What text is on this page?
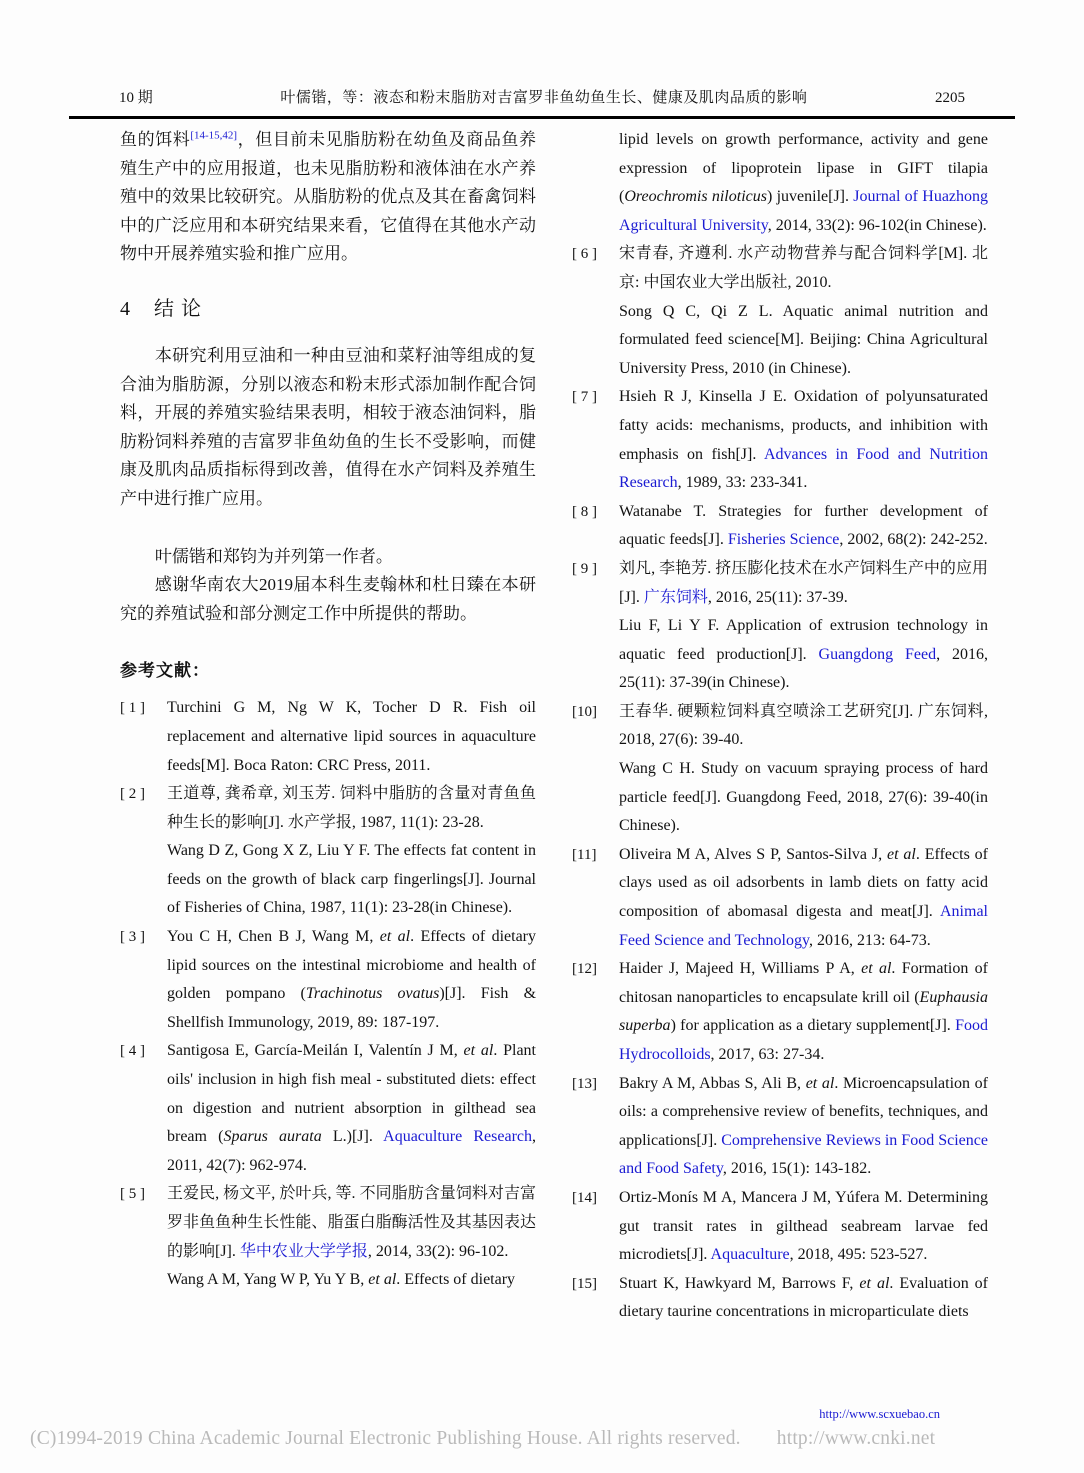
10 期	叶儒锴，等：液态和粉末脂肪对吉富罗非鱼幼鱼生长、健康及肌肉品质的影响	2205

鱼的饵料[14-15,42]，但目前未见脂肪粉在幼鱼及商品鱼养殖生产中的应用报道，也未见脂肪粉和液体油在水产养殖中的效果比较研究。从脂肪粉的优点及其在畜禽饲料中的广泛应用和本研究结果来看，它值得在其他水产动物中开展养殖实验和推广应用。

4 结论

本研究利用豆油和一种由豆油和菜籽油等组成的复合油为脂肪源，分别以液态和粉末形式添加制作配合饲料，开展的养殖实验结果表明，相较于液态油饲料，脂肪粉饲料养殖的吉富罗非鱼幼鱼的生长不受影响，而健康及肌肉品质指标得到改善，值得在水产饲料及养殖生产中进行推广应用。

叶儒锴和郑钧为并列第一作者。

感谢华南农大2019届本科生麦翰林和杜日臻在本研究的养殖试验和部分测定工作中所提供的帮助。

参考文献：
[ 1 ] Turchini G M, Ng W K, Tocher D R. Fish oil replacement and alternative lipid sources in aquaculture feeds[M]. Boca Raton: CRC Press, 2011.
[ 2 ] 王道尊, 龚希章, 刘玉芳. 饲料中脂肪的含量对青鱼鱼种生长的影响[J]. 水产学报, 1987, 11(1): 23-28.
Wang D Z, Gong X Z, Liu Y F. The effects fat content in feeds on the growth of black carp fingerlings[J]. Journal of Fisheries of China, 1987, 11(1): 23-28(in Chinese).
[ 3 ] You C H, Chen B J, Wang M, et al. Effects of dietary lipid sources on the intestinal microbiome and health of golden pompano (Trachinotus ovatus)[J]. Fish & Shellfish Immunology, 2019, 89: 187-197.
[ 4 ] Santigosa E, García-Meilán I, Valentín J M, et al. Plant oils' inclusion in high fish meal - substituted diets: effect on digestion and nutrient absorption in gilthead sea bream (Sparus aurata L.)[J]. Aquaculture Research, 2011, 42(7): 962-974.
[ 5 ] 王爱民, 杨文平, 於叶兵, 等. 不同脂肪含量饲料对吉富罗非鱼鱼种生长性能、脂蛋白脂酶活性及其基因表达的影响[J]. 华中农业大学学报, 2014, 33(2): 96-102.
Wang A M, Yang W P, Yu Y B, et al. Effects of dietary
lipid levels on growth performance, activity and gene expression of lipoprotein lipase in GIFT tilapia (Oreochromis niloticus) juvenile[J]. Journal of Huazhong Agricultural University, 2014, 33(2): 96-102(in Chinese).
[ 6 ] 宋青春, 齐遵利. 水产动物营养与配合饲料学[M]. 北京: 中国农业大学出版社, 2010.
Song Q C, Qi Z L. Aquatic animal nutrition and formulated feed science[M]. Beijing: China Agricultural University Press, 2010 (in Chinese).
[ 7 ] Hsieh R J, Kinsella J E. Oxidation of polyunsaturated fatty acids: mechanisms, products, and inhibition with emphasis on fish[J]. Advances in Food and Nutrition Research, 1989, 33: 233-341.
[ 8 ] Watanabe T. Strategies for further development of aquatic feeds[J]. Fisheries Science, 2002, 68(2): 242-252.
[ 9 ] 刘凡, 李艳芳. 挤压膨化技术在水产饲料生产中的应用[J]. 广东饲料, 2016, 25(11): 37-39.
Liu F, Li Y F. Application of extrusion technology in aquatic feed production[J]. Guangdong Feed, 2016, 25(11): 37-39(in Chinese).
[10] 王春华. 硬颗粒饲料真空喷涂工艺研究[J]. 广东饲料, 2018, 27(6): 39-40.
Wang C H. Study on vacuum spraying process of hard particle feed[J]. Guangdong Feed, 2018, 27(6): 39-40(in Chinese).
[11] Oliveira M A, Alves S P, Santos-Silva J, et al. Effects of clays used as oil adsorbents in lamb diets on fatty acid composition of abomasal digesta and meat[J]. Animal Feed Science and Technology, 2016, 213: 64-73.
[12] Haider J, Majeed H, Williams P A, et al. Formation of chitosan nanoparticles to encapsulate krill oil (Euphausia superba) for application as a dietary supplement[J]. Food Hydrocolloids, 2017, 63: 27-34.
[13] Bakry A M, Abbas S, Ali B, et al. Microencapsulation of oils: a comprehensive review of benefits, techniques, and applications[J]. Comprehensive Reviews in Food Science and Food Safety, 2016, 15(1): 143-182.
[14] Ortiz-Monís M A, Mancera J M, Yúfera M. Determining gut transit rates in gilthead seabream larvae fed microdiets[J]. Aquaculture, 2018, 495: 523-527.
[15] Stuart K, Hawkyard M, Barrows F, et al. Evaluation of dietary taurine concentrations in microparticulate diets
http://www.scxuebao.cn
(C)1994-2019 China Academic Journal Electronic Publishing House. All rights reserved. http://www.cnki.net
